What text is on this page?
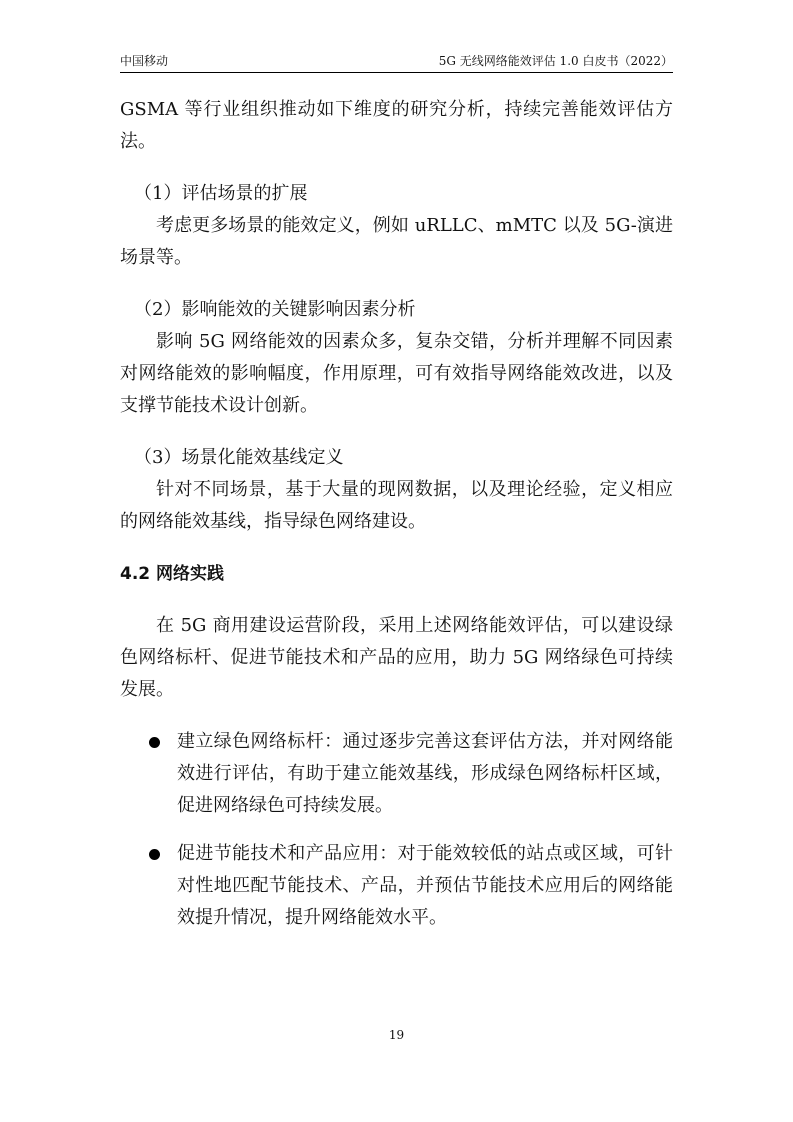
中国移动	5G 无线网络能效评估 1.0 白皮书（2022）

GSMA 等行业组织推动如下维度的研究分析，持续完善能效评估方法。

（1）评估场景的扩展

考虑更多场景的能效定义，例如 uRLLC、mMTC 以及 5G-演进场景等。

（2）影响能效的关键影响因素分析

影响 5G 网络能效的因素众多，复杂交错，分析并理解不同因素对网络能效的影响幅度，作用原理，可有效指导网络能效改进，以及支撑节能技术设计创新。

（3）场景化能效基线定义

针对不同场景，基于大量的现网数据，以及理论经验，定义相应的网络能效基线，指导绿色网络建设。

4.2 网络实践

在 5G 商用建设运营阶段，采用上述网络能效评估，可以建设绿色网络标杆、促进节能技术和产品的应用，助力 5G 网络绿色可持续发展。

建立绿色网络标杆：通过逐步完善这套评估方法，并对网络能效进行评估，有助于建立能效基线，形成绿色网络标杆区域，促进网络绿色可持续发展。

促进节能技术和产品应用：对于能效较低的站点或区域，可针对性地匹配节能技术、产品，并预估节能技术应用后的网络能效提升情况，提升网络能效水平。

19
